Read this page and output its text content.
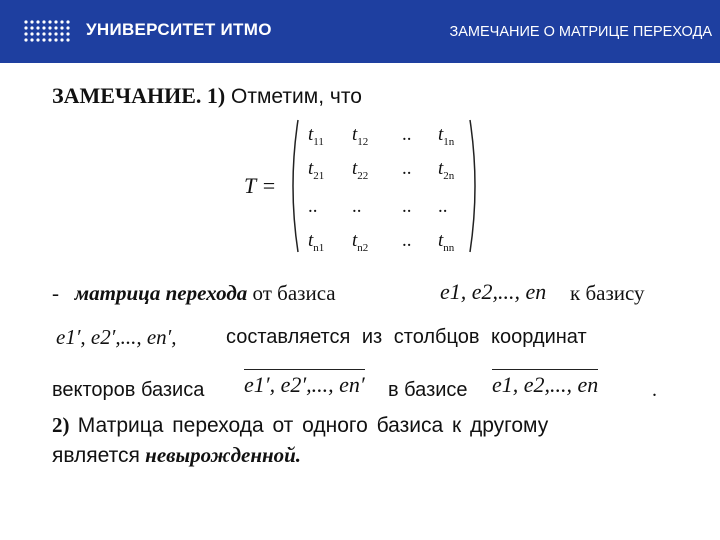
УНИВЕРСИТЕТ ИТМО	ЗАМЕЧАНИЕ О МАТРИЦЕ ПЕРЕХОДА
ЗАМЕЧАНИЕ. 1) Отметим, что
T =
$t_{11}$ $t_{12}$ .. $t_{1n}$
$t_{21}$ $t_{22}$ .. $t_{2n}$
.. .. .. ..
$t_{n1}$ $t_{n2}$ .. $t_{nn}$
- матрица перехода от базиса	e1, e2,..., en к базису
e1′, e2′,..., en′, составляется из столбцов координат
векторов базиса e1′, e2′,..., en′ в базисе e1, e2,..., en	.
2) Матрица перехода от одного базиса к другому
является невырожденной.
